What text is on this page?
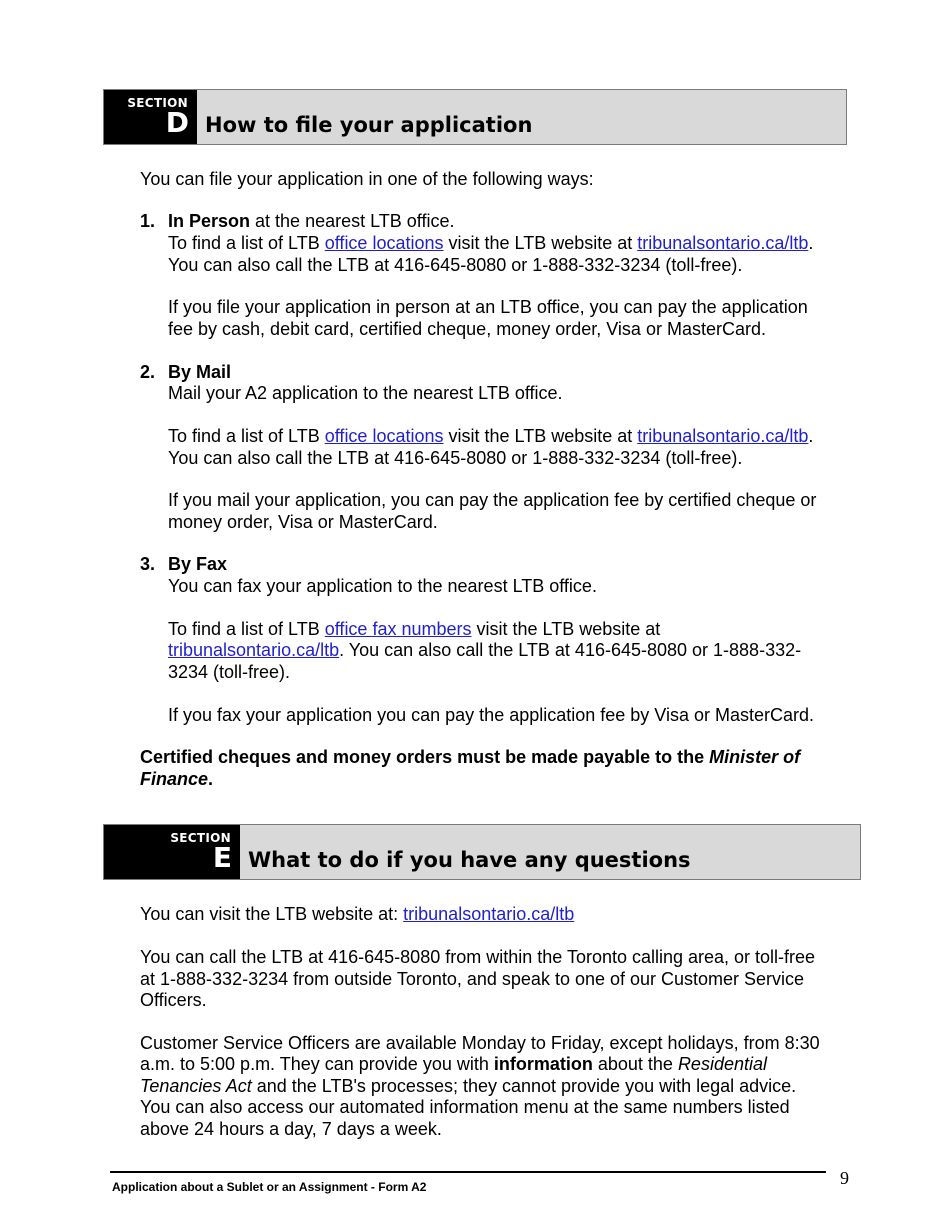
SECTION
D How to file your application
You can file your application in one of the following ways:
1. In Person at the nearest LTB office.
To find a list of LTB office locations visit the LTB website at tribunalsontario.ca/ltb.
You can also call the LTB at 416-645-8080 or 1-888-332-3234 (toll-free).
If you file your application in person at an LTB office, you can pay the application
fee by cash, debit card, certified cheque, money order, Visa or MasterCard.
2. By Mail
Mail your A2 application to the nearest LTB office.
To find a list of LTB office locations visit the LTB website at tribunalsontario.ca/ltb.
You can also call the LTB at 416-645-8080 or 1-888-332-3234 (toll-free).
If you mail your application, you can pay the application fee by certified cheque or
money order, Visa or MasterCard.
3. By Fax
You can fax your application to the nearest LTB office.
To find a list of LTB office fax numbers visit the LTB website at
tribunalsontario.ca/ltb. You can also call the LTB at 416-645-8080 or 1-888-332-
3234 (toll-free).
If you fax your application you can pay the application fee by Visa or MasterCard.
Certified cheques and money orders must be made payable to the Minister of
Finance.
SECTION
E What to do if you have any questions
You can visit the LTB website at: tribunalsontario.ca/ltb
You can call the LTB at 416-645-8080 from within the Toronto calling area, or toll-free
at 1-888-332-3234 from outside Toronto, and speak to one of our Customer Service
Officers.
Customer Service Officers are available Monday to Friday, except holidays, from 8:30
a.m. to 5:00 p.m. They can provide you with information about the Residential
Tenancies Act and the LTB's processes; they cannot provide you with legal advice.
You can also access our automated information menu at the same numbers listed
above 24 hours a day, 7 days a week.
Application about a Sublet or an Assignment - Form A2	9
